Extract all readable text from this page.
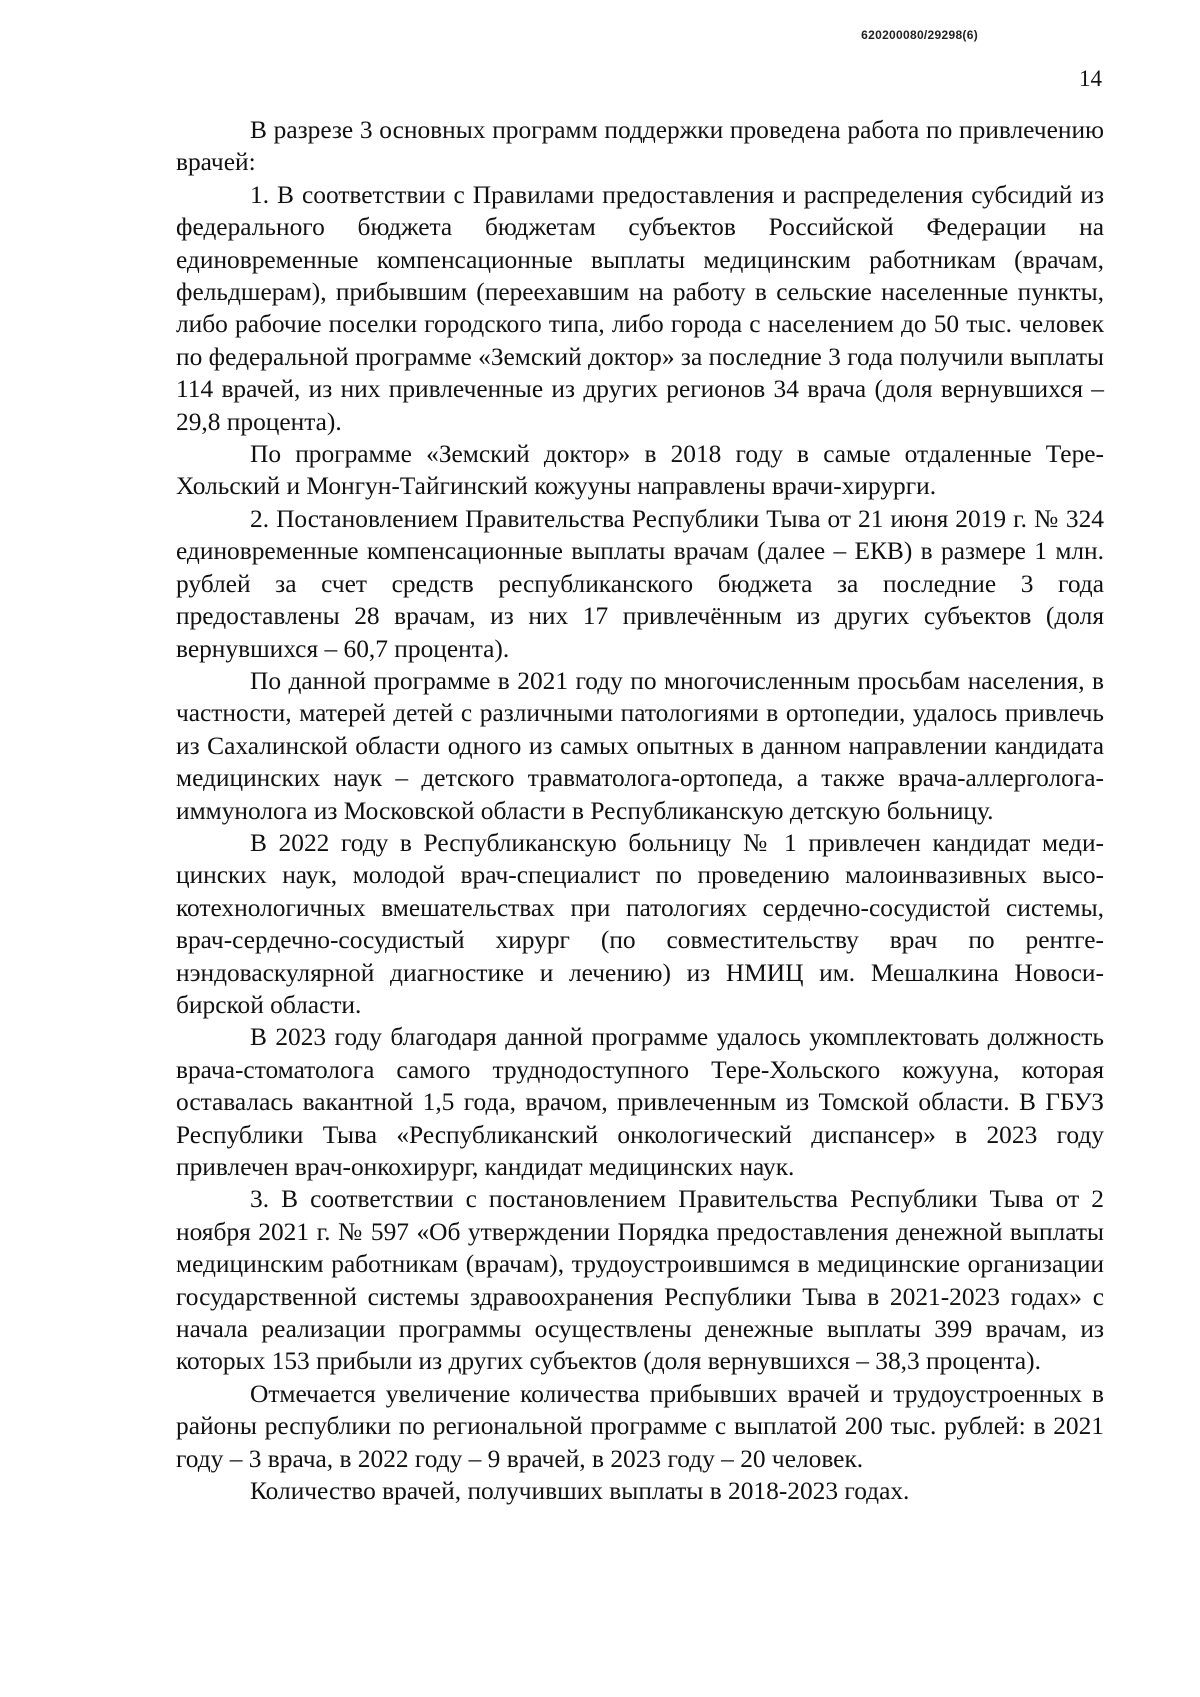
620200080/29298(6)
14

В разрезе 3 основных программ поддержки проведена работа по привлечению врачей:

1. В соответствии с Правилами предоставления и распределения субсидий из федерального бюджета бюджетам субъектов Российской Федерации на единовременные компенсационные выплаты медицинским работникам (врачам, фельдшерам), прибывшим (переехавшим на работу в сельские населенные пункты, либо рабочие поселки городского типа, либо города с населением до 50 тыс. человек по федеральной программе «Земский доктор» за последние 3 года получили выплаты 114 врачей, из них привлеченные из других регионов 34 врача (доля вернувшихся – 29,8 процента).

По программе «Земский доктор» в 2018 году в самые отдаленные Тере-Хольский и Монгун-Тайгинский кожууны направлены врачи-хирурги.

2. Постановлением Правительства Республики Тыва от 21 июня 2019 г. № 324 единовременные компенсационные выплаты врачам (далее – ЕКВ) в размере 1 млн. рублей за счет средств республиканского бюджета за последние 3 года предоставлены 28 врачам, из них 17 привлечённым из других субъектов (доля вернувшихся – 60,7 процента).

По данной программе в 2021 году по многочисленным просьбам населения, в частности, матерей детей с различными патологиями в ортопедии, удалось привлечь из Сахалинской области одного из самых опытных в данном направлении кандидата медицинских наук – детского травматолога-ортопеда, а также врача-аллерголога-иммунолога из Московской области в Республиканскую детскую больницу.

В 2022 году в Республиканскую больницу № 1 привлечен кандидат медицинских наук, молодой врач-специалист по проведению малоинвазивных высокотехнологичных вмешательствах при патологиях сердечно-сосудистой системы, врач-сердечно-сосудистый хирург (по совместительству врач по рентгенэндоваскулярной диагностике и лечению) из НМИЦ им. Мешалкина Новосибирской области.

В 2023 году благодаря данной программе удалось укомплектовать должность врача-стоматолога самого труднодоступного Тере-Хольского кожууна, которая оставалась вакантной 1,5 года, врачом, привлеченным из Томской области. В ГБУЗ Республики Тыва «Республиканский онкологический диспансер» в 2023 году привлечен врач-онкохирург, кандидат медицинских наук.

3. В соответствии с постановлением Правительства Республики Тыва от 2 ноября 2021 г. № 597 «Об утверждении Порядка предоставления денежной выплаты медицинским работникам (врачам), трудоустроившимся в медицинские организации государственной системы здравоохранения Республики Тыва в 2021-2023 годах» с начала реализации программы осуществлены денежные выплаты 399 врачам, из которых 153 прибыли из других субъектов (доля вернувшихся – 38,3 процента).

Отмечается увеличение количества прибывших врачей и трудоустроенных в районы республики по региональной программе с выплатой 200 тыс. рублей: в 2021 году – 3 врача, в 2022 году – 9 врачей, в 2023 году – 20 человек.

Количество врачей, получивших выплаты в 2018-2023 годах.
